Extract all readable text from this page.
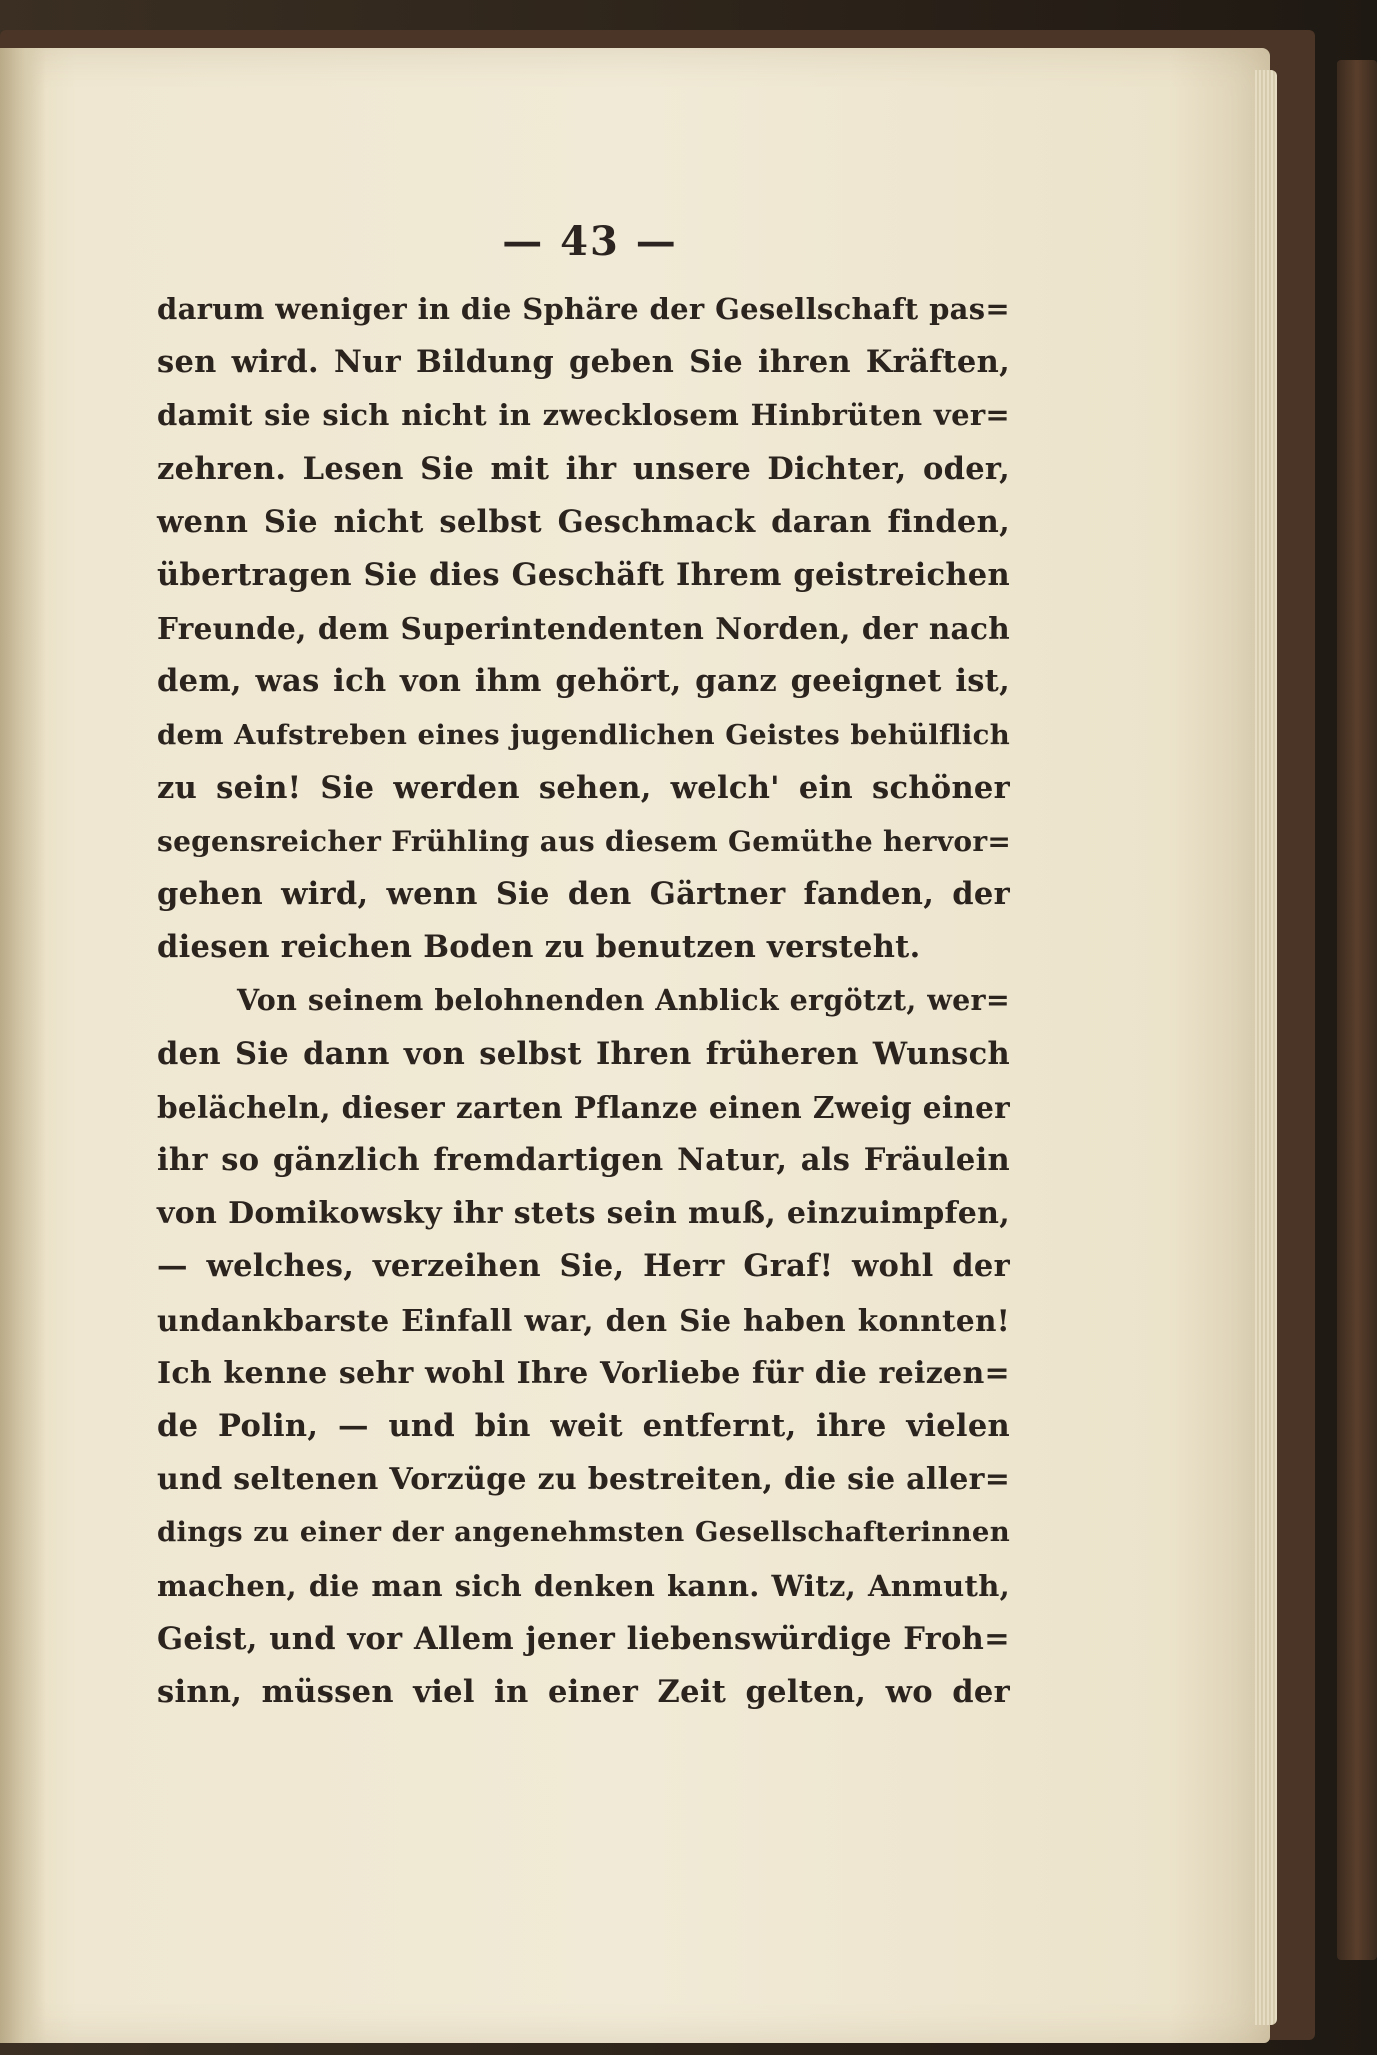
— 43 —
darum weniger in die Sphäre der Gesellschaft pas=
sen wird. Nur Bildung geben Sie ihren Kräften,
damit sie sich nicht in zwecklosem Hinbrüten ver=
zehren. Lesen Sie mit ihr unsere Dichter, oder,
wenn Sie nicht selbst Geschmack daran finden,
übertragen Sie dies Geschäft Ihrem geistreichen
Freunde, dem Superintendenten Norden, der nach
dem, was ich von ihm gehört, ganz geeignet ist,
dem Aufstreben eines jugendlichen Geistes behülflich
zu sein! Sie werden sehen, welch' ein schöner
segensreicher Frühling aus diesem Gemüthe hervor=
gehen wird, wenn Sie den Gärtner fanden, der
diesen reichen Boden zu benutzen versteht.
Von seinem belohnenden Anblick ergötzt, wer=
den Sie dann von selbst Ihren früheren Wunsch
belächeln, dieser zarten Pflanze einen Zweig einer
ihr so gänzlich fremdartigen Natur, als Fräulein
von Domikowsky ihr stets sein muß, einzuimpfen,
— welches, verzeihen Sie, Herr Graf! wohl der
undankbarste Einfall war, den Sie haben konnten!
Ich kenne sehr wohl Ihre Vorliebe für die reizen=
de Polin, — und bin weit entfernt, ihre vielen
und seltenen Vorzüge zu bestreiten, die sie aller=
dings zu einer der angenehmsten Gesellschafterinnen
machen, die man sich denken kann. Witz, Anmuth,
Geist, und vor Allem jener liebenswürdige Froh=
sinn, müssen viel in einer Zeit gelten, wo der
